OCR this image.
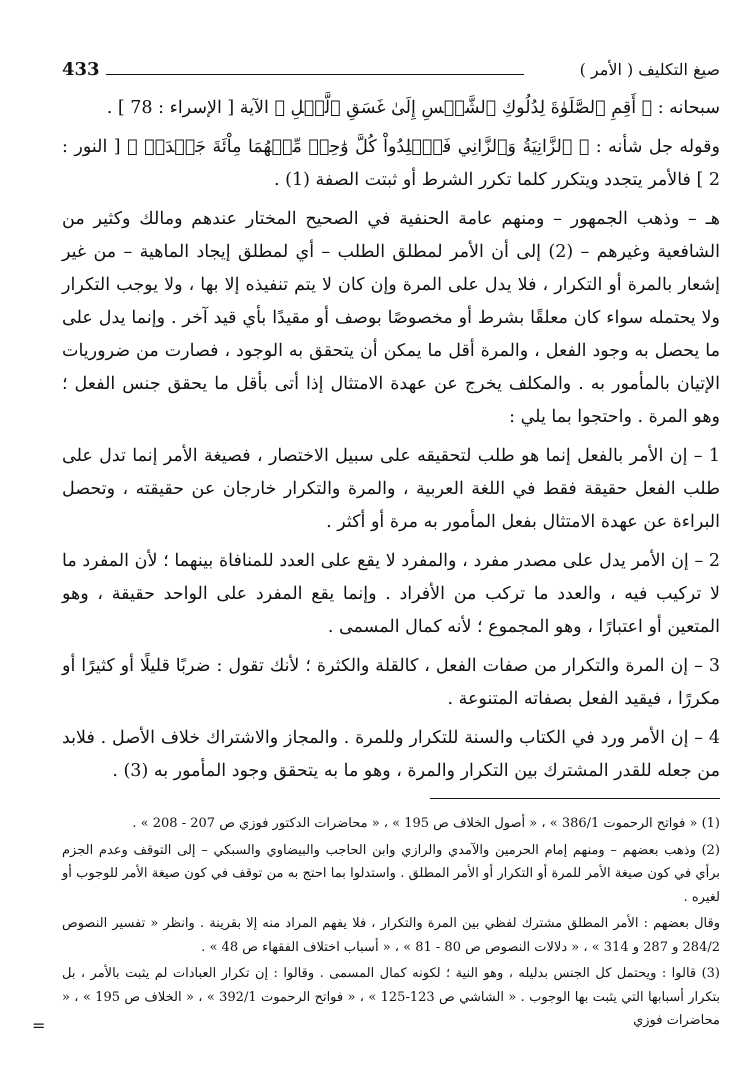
صيغ التكليف ( الأمر )
433

سبحانه : ﴿ أَقِمِ ٱلصَّلَوٰةَ لِدُلُوكِ ٱلشَّمۡسِ إِلَىٰ غَسَقِ ٱلَّيۡلِ ﴾ الآية [ الإسراء : 78 ] .

وقوله جل شأنه : ﴿ ٱلزَّانِيَةُ وَٱلزَّانِي فَٱجۡلِدُواْ كُلَّ وَٰحِدٖ مِّنۡهُمَا مِاْئَةَ جَلۡدَةٖ ﴾ [ النور : 2 ] فالأمر يتجدد ويتكرر كلما تكرر الشرط أو ثبتت الصفة (1) .

هـ – وذهب الجمهور – ومنهم عامة الحنفية في الصحيح المختار عندهم ومالك وكثير من الشافعية وغيرهم – (2) إلى أن الأمر لمطلق الطلب – أي لمطلق إيجاد الماهية – من غير إشعار بالمرة أو التكرار ، فلا يدل على المرة وإن كان لا يتم تنفيذه إلا بها ، ولا يوجب التكرار ولا يحتمله سواء كان معلقًا بشرط أو مخصوصًا بوصف أو مقيدًا بأي قيد آخر . وإنما يدل على ما يحصل به وجود الفعل ، والمرة أقل ما يمكن أن يتحقق به الوجود ، فصارت من ضروريات الإتيان بالمأمور به . والمكلف يخرج عن عهدة الامتثال إذا أتى بأقل ما يحقق جنس الفعل ؛ وهو المرة . واحتجوا بما يلي :

1 – إن الأمر بالفعل إنما هو طلب لتحقيقه على سبيل الاختصار ، فصيغة الأمر إنما تدل على طلب الفعل حقيقة فقط في اللغة العربية ، والمرة والتكرار خارجان عن حقيقته ، وتحصل البراءة عن عهدة الامتثال بفعل المأمور به مرة أو أكثر .

2 – إن الأمر يدل على مصدر مفرد ، والمفرد لا يقع على العدد للمنافاة بينهما ؛ لأن المفرد ما لا تركيب فيه ، والعدد ما تركب من الأفراد . وإنما يقع المفرد على الواحد حقيقة ، وهو المتعين أو اعتبارًا ، وهو المجموع ؛ لأنه كمال المسمى .

3 – إن المرة والتكرار من صفات الفعل ، كالقلة والكثرة ؛ لأنك تقول : ضربًا قليلًا أو كثيرًا أو مكررًا ، فيقيد الفعل بصفاته المتنوعة .

4 – إن الأمر ورد في الكتاب والسنة للتكرار وللمرة . والمجاز والاشتراك خلاف الأصل . فلابد من جعله للقدر المشترك بين التكرار والمرة ، وهو ما به يتحقق وجود المأمور به (3) .

(1) « فواتح الرحموت 386/1 » ، « أصول الخلاف ص 195 » ، « محاضرات الدكتور فوزي ص 207 - 208 » .

(2) وذهب بعضهم – ومنهم إمام الحرمين والآمدي والرازي وابن الحاجب والبيضاوي والسبكي – إلى التوقف وعدم الجزم برأي في كون صيغة الأمر للمرة أو التكرار أو الأمر المطلق . واستدلوا بما احتج به من توقف في كون صيغة الأمر للوجوب أو لغيره .

وقال بعضهم : الأمر المطلق مشترك لفظي بين المرة والتكرار ، فلا يفهم المراد منه إلا بقرينة . وانظر « تفسير النصوص 284/2 و 287 و 314 » ، « دلالات النصوص ص 80 - 81 » ، « أسباب اختلاف الفقهاء ص 48 » .

(3) قالوا : ويحتمل كل الجنس بدليله ، وهو النية ؛ لكونه كمال المسمى . وقالوا : إن تكرار العبادات لم يثبت بالأمر ، بل بتكرار أسبابها التي يثبت بها الوجوب . « الشاشي ص 123-125 » ، « فواتح الرحموت 392/1 » ، « الخلاف ص 195 » ، « محاضرات فوزي

=
